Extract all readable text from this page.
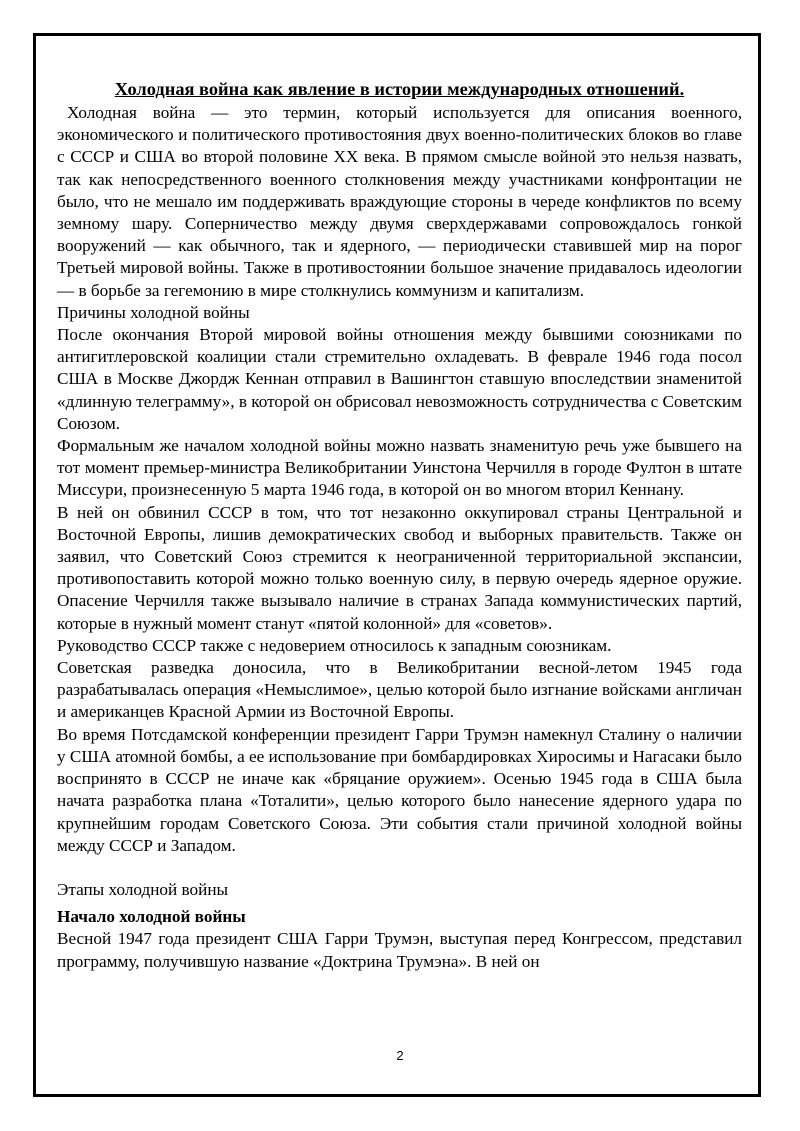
Холодная война как явление в истории международных отношений.

Холодная война — это термин, который используется для описания военного, экономического и политического противостояния двух военно-политических блоков во главе с СССР и США во второй половине XX века. В прямом смысле войной это нельзя назвать, так как непосредственного военного столкновения между участниками конфронтации не было, что не мешало им поддерживать враждующие стороны в череде конфликтов по всему земному шару. Соперничество между двумя сверхдержавами сопровождалось гонкой вооружений — как обычного, так и ядерного, — периодически ставившей мир на порог Третьей мировой войны. Также в противостоянии большое значение придавалось идеологии — в борьбе за гегемонию в мире столкнулись коммунизм и капитализм.

Причины холодной войны

После окончания Второй мировой войны отношения между бывшими союзниками по антигитлеровской коалиции стали стремительно охладевать. В феврале 1946 года посол США в Москве Джордж Кеннан отправил в Вашингтон ставшую впоследствии знаменитой «длинную телеграмму», в которой он обрисовал невозможность сотрудничества с Советским Союзом.

Формальным же началом холодной войны можно назвать знаменитую речь уже бывшего на тот момент премьер-министра Великобритании Уинстона Черчилля в городе Фултон в штате Миссури, произнесенную 5 марта 1946 года, в которой он во многом вторил Кеннану.

В ней он обвинил СССР в том, что тот незаконно оккупировал страны Центральной и Восточной Европы, лишив демократических свобод и выборных правительств. Также он заявил, что Советский Союз стремится к неограниченной территориальной экспансии, противопоставить которой можно только военную силу, в первую очередь ядерное оружие. Опасение Черчилля также вызывало наличие в странах Запада коммунистических партий, которые в нужный момент станут «пятой колонной» для «советов».

Руководство СССР также с недоверием относилось к западным союзникам.

Советская разведка доносила, что в Великобритании весной-летом 1945 года разрабатывалась операция «Немыслимое», целью которой было изгнание войсками англичан и американцев Красной Армии из Восточной Европы.

Во время Потсдамской конференции президент Гарри Трумэн намекнул Сталину о наличии у США атомной бомбы, а ее использование при бомбардировках Хиросимы и Нагасаки было воспринято в СССР не иначе как «бряцание оружием». Осенью 1945 года в США была начата разработка плана «Тоталити», целью которого было нанесение ядерного удара по крупнейшим городам Советского Союза. Эти события стали причиной холодной войны между СССР и Западом.

Этапы холодной войны

Начало холодной войны

Весной 1947 года президент США Гарри Трумэн, выступая перед Конгрессом, представил программу, получившую название «Доктрина Трумэна». В ней он

2
